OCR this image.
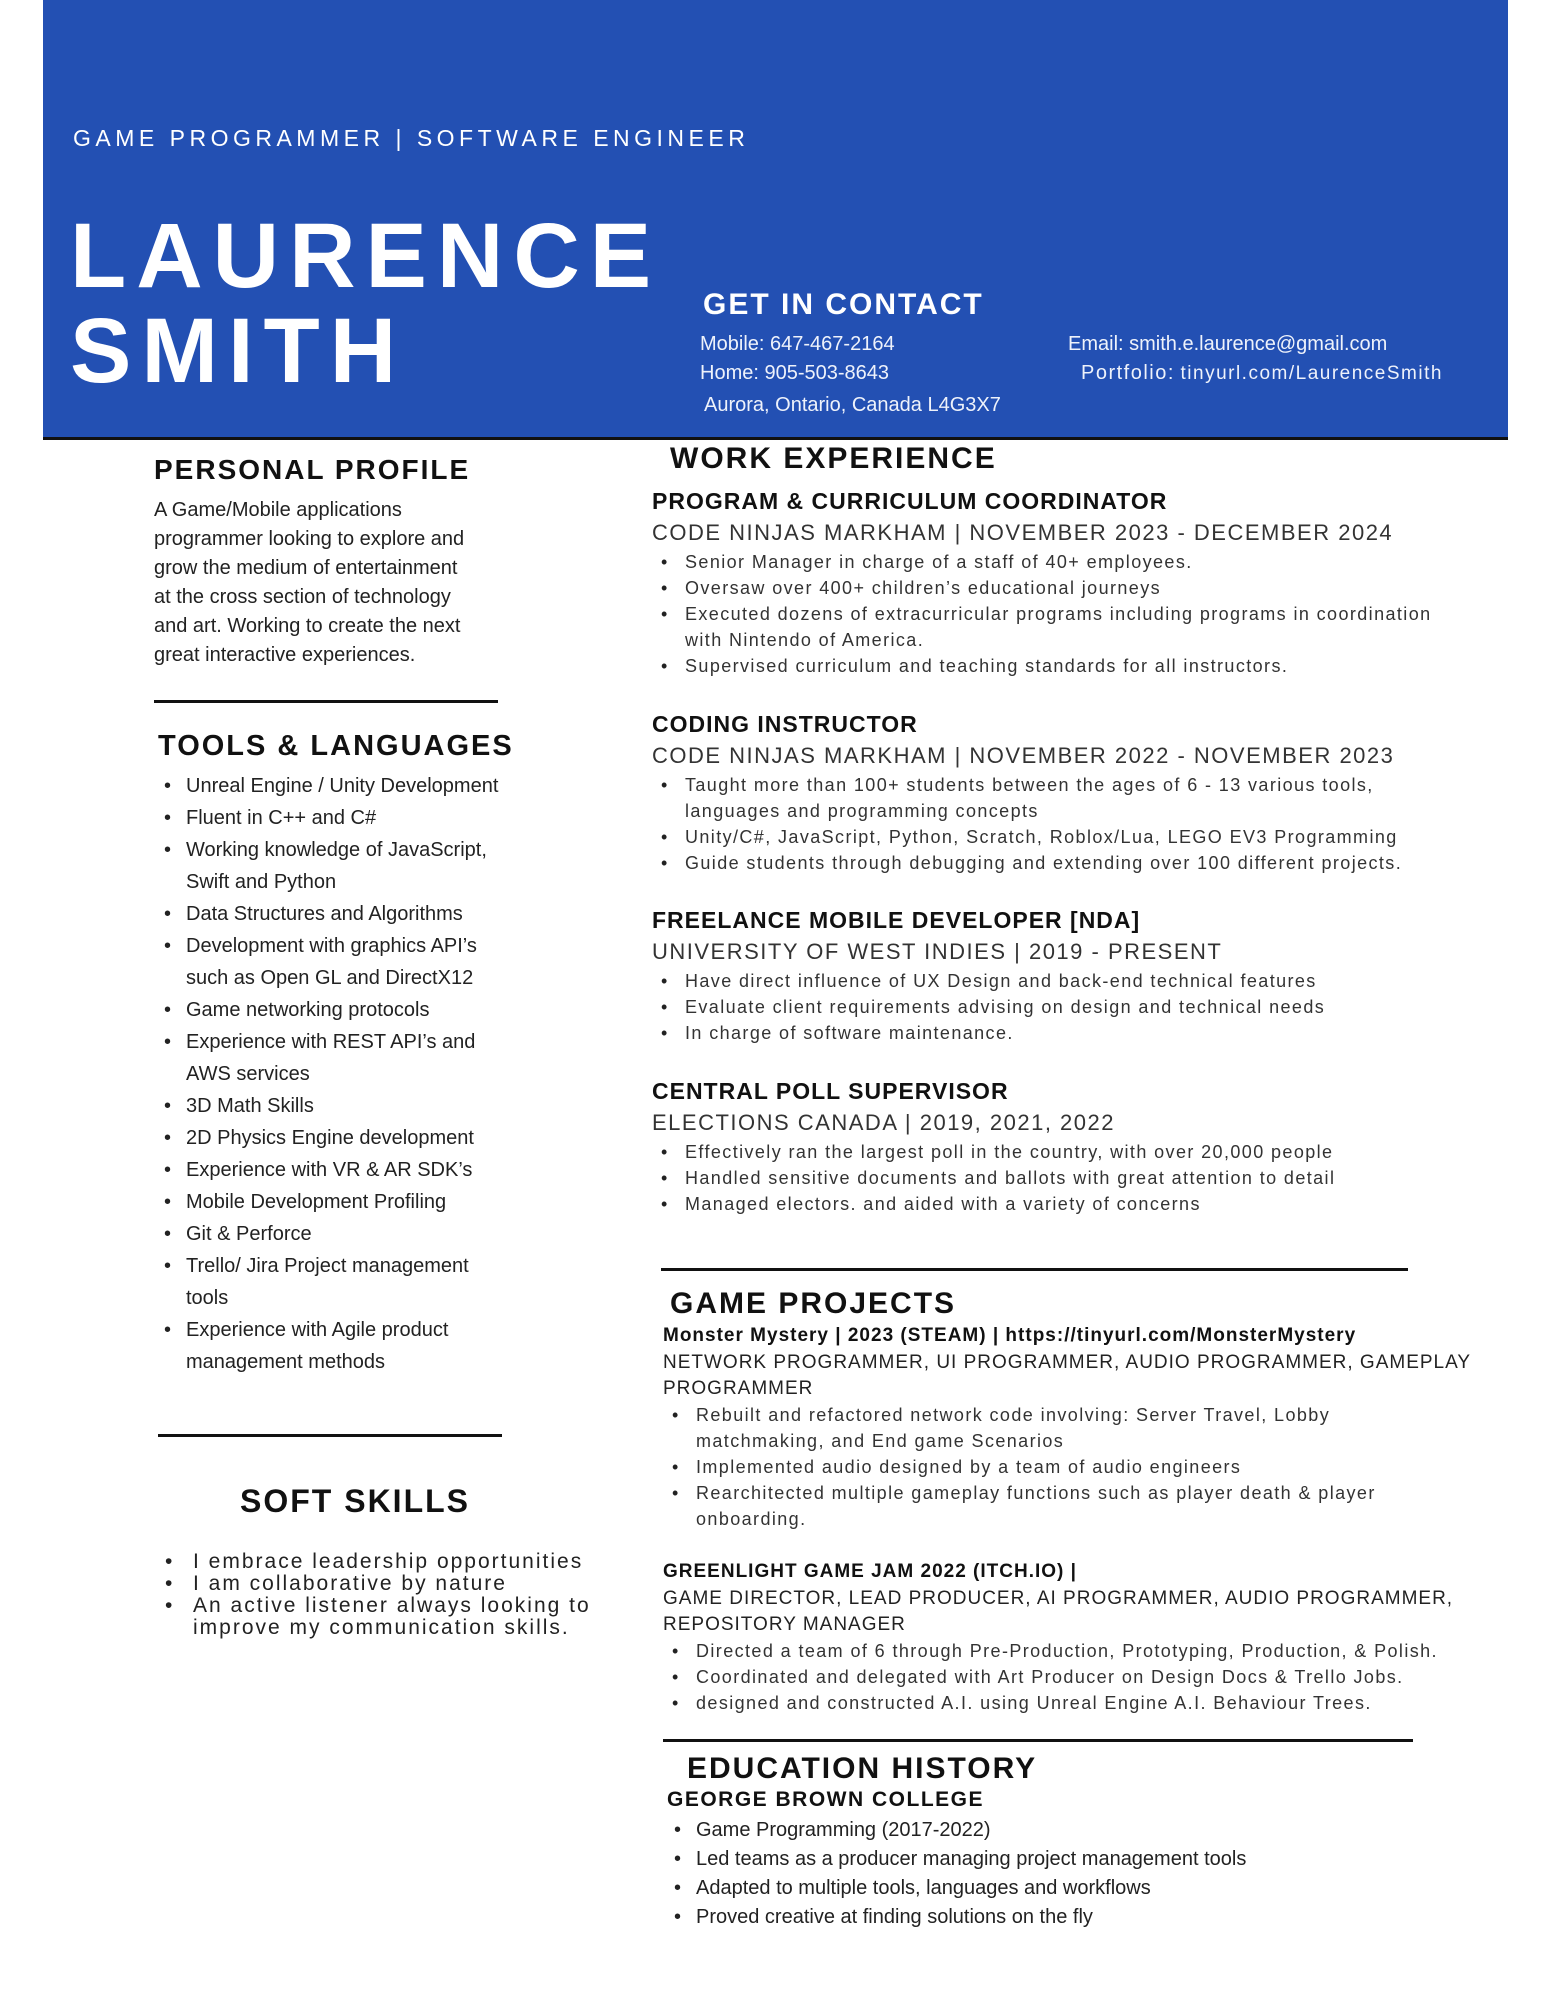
GAME PROGRAMMER | SOFTWARE ENGINEER
LAURENCE
SMITH	GET IN CONTACT
Mobile: 647-467-2164
Home: 905-503-8643
Aurora, Ontario, Canada L4G3X7
Email: smith.e.laurence@gmail.com
Portfolio: tinyurl.com/LaurenceSmith
PERSONAL PROFILE
A Game/Mobile applications
programmer looking to explore and
grow the medium of entertainment
at the cross section of technology
and art. Working to create the next
great interactive experiences.
TOOLS & LANGUAGES
• Unreal Engine / Unity Development
• Fluent in C++ and C#
• Working knowledge of JavaScript,
Swift and Python
• Data Structures and Algorithms
• Development with graphics API’s
such as Open GL and DirectX12
• Game networking protocols
• Experience with REST API’s and
AWS services
• 3D Math Skills
• 2D Physics Engine development
• Experience with VR & AR SDK’s
• Mobile Development Profiling
• Git & Perforce
• Trello/ Jira Project management
tools
• Experience with Agile product
management methods
SOFT SKILLS
• I embrace leadership opportunities
• I am collaborative by nature
• An active listener always looking to
improve my communication skills.
WORK EXPERIENCE
PROGRAM & CURRICULUM COORDINATOR
CODE NINJAS MARKHAM | NOVEMBER 2023 - DECEMBER 2024
• Senior Manager in charge of a staff of 40+ employees.
• Oversaw over 400+ children’s educational journeys
• Executed dozens of extracurricular programs including programs in coordination
with Nintendo of America.
• Supervised curriculum and teaching standards for all instructors.
CODING INSTRUCTOR
CODE NINJAS MARKHAM | NOVEMBER 2022 - NOVEMBER 2023
• Taught more than 100+ students between the ages of 6 - 13 various tools,
languages and programming concepts
• Unity/C#, JavaScript, Python, Scratch, Roblox/Lua, LEGO EV3 Programming
• Guide students through debugging and extending over 100 different projects.
FREELANCE MOBILE DEVELOPER [NDA]
UNIVERSITY OF WEST INDIES | 2019 - PRESENT
• Have direct influence of UX Design and back-end technical features
• Evaluate client requirements advising on design and technical needs
• In charge of software maintenance.
CENTRAL POLL SUPERVISOR
ELECTIONS CANADA | 2019, 2021, 2022
• Effectively ran the largest poll in the country, with over 20,000 people
• Handled sensitive documents and ballots with great attention to detail
• Managed electors. and aided with a variety of concerns
GAME PROJECTS
Monster Mystery | 2023 (STEAM) | https://tinyurl.com/MonsterMystery
NETWORK PROGRAMMER, UI PROGRAMMER, AUDIO PROGRAMMER, GAMEPLAY
PROGRAMMER
• Rebuilt and refactored network code involving: Server Travel, Lobby
matchmaking, and End game Scenarios
• Implemented audio designed by a team of audio engineers
• Rearchitected multiple gameplay functions such as player death & player
onboarding.
GREENLIGHT GAME JAM 2022 (ITCH.IO) |
GAME DIRECTOR, LEAD PRODUCER, AI PROGRAMMER, AUDIO PROGRAMMER,
REPOSITORY MANAGER
• Directed a team of 6 through Pre-Production, Prototyping, Production, & Polish.
• Coordinated and delegated with Art Producer on Design Docs & Trello Jobs.
• designed and constructed A.I. using Unreal Engine A.I. Behaviour Trees.
EDUCATION HISTORY
GEORGE BROWN COLLEGE
• Game Programming (2017-2022)
• Led teams as a producer managing project management tools
• Adapted to multiple tools, languages and workflows
• Proved creative at finding solutions on the fly
